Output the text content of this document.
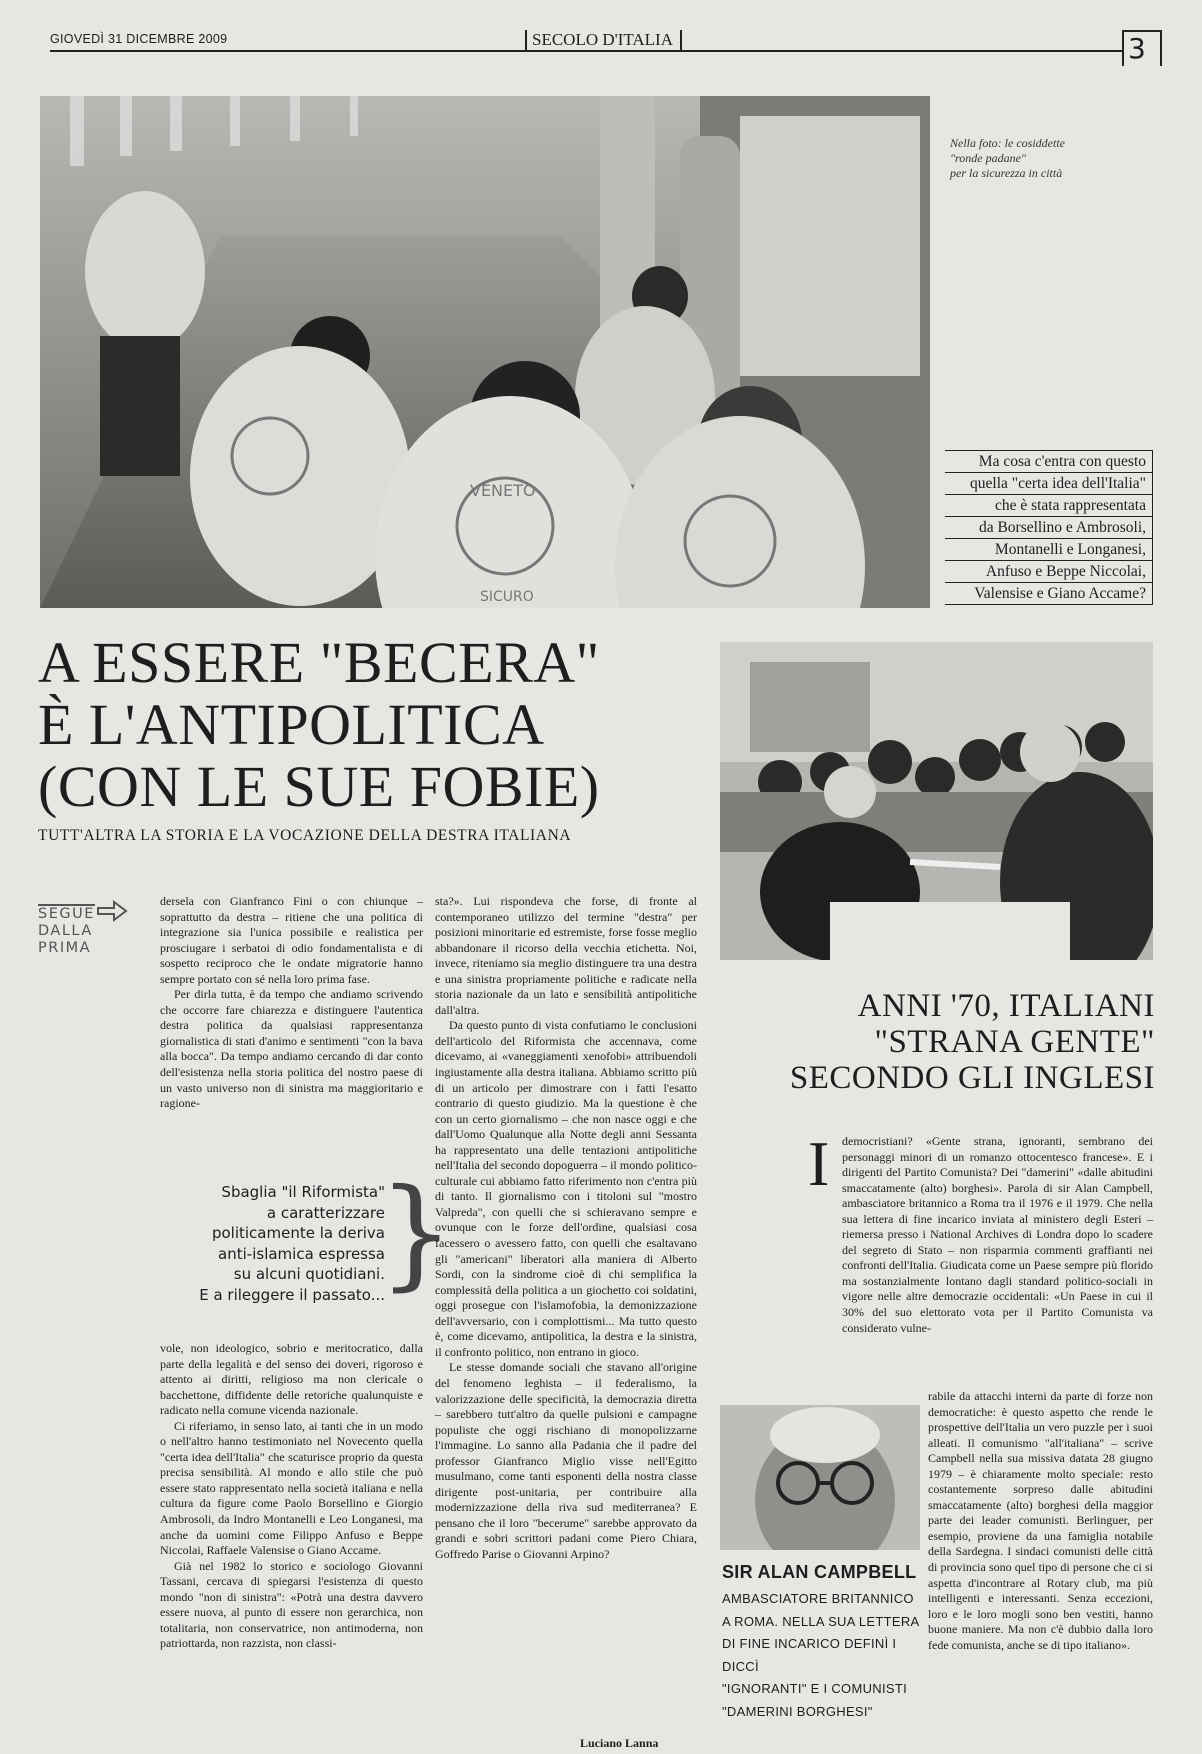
GIOVEDÌ 31 DICEMBRE 2009	SECOLO D'ITALIA	3
VENETO
SICURO
Nella foto: le cosiddette
"ronde padane"
per la sicurezza in città
Ma cosa c'entra con questo
quella "certa idea dell'Italia"
che è stata rappresentata
da Borsellino e Ambrosoli,
Montanelli e Longanesi,
Anfuso e Beppe Niccolai,
Valensise e Giano Accame?
A ESSERE "BECERA"
È L'ANTIPOLITICA
(CON LE SUE FOBIE)
TUTT'ALTRA LA STORIA E LA VOCAZIONE DELLA DESTRA ITALIANA
SEGUE
DALLA
PRIMA

dersela con Gianfranco Fini o con chiunque – soprattutto da destra – ritiene che una politica di integrazione sia l'unica possibile e realistica per prosciugare i serbatoi di odio fondamentalista e di sospetto reciproco che le ondate migratorie hanno sempre portato con sé nella loro prima fase.

Per dirla tutta, è da tempo che andiamo scrivendo che occorre fare chiarezza e distinguere l'autentica destra politica da qualsiasi rappresentanza giornalistica di stati d'animo e sentimenti "con la bava alla bocca". Da tempo andiamo cercando di dar conto dell'esistenza nella storia politica del nostro paese di un vasto universo non di sinistra ma maggioritario e ragione-

Sbaglia "il Riformista"
a caratterizzare
politicamente la deriva
anti-islamica espressa
su alcuni quotidiani.
E a rileggere il passato...
}

vole, non ideologico, sobrio e meritocratico, dalla parte della legalità e del senso dei doveri, rigoroso e attento ai diritti, religioso ma non clericale o bacchettone, diffidente delle retoriche qualunquiste e radicato nella comune vicenda nazionale.

Ci riferiamo, in senso lato, ai tanti che in un modo o nell'altro hanno testimoniato nel Novecento quella "certa idea dell'Italia" che scaturisce proprio da questa precisa sensibilità. Al mondo e allo stile che può essere stato rappresentato nella società italiana e nella cultura da figure come Paolo Borsellino e Giorgio Ambrosoli, da Indro Montanelli e Leo Longanesi, ma anche da uomini come Filippo Anfuso e Beppe Niccolai, Raffaele Valensise o Giano Accame.

Già nel 1982 lo storico e sociologo Giovanni Tassani, cercava di spiegarsi l'esistenza di questo mondo "non di sinistra": «Potrà una destra davvero essere nuova, al punto di essere non gerarchica, non totalitaria, non conservatrice, non antimoderna, non patriottarda, non razzista, non classi-

sta?». Lui rispondeva che forse, di fronte al contemporaneo utilizzo del termine "destra" per posizioni minoritarie ed estremiste, forse fosse meglio abbandonare il ricorso della vecchia etichetta. Noi, invece, riteniamo sia meglio distinguere tra una destra e una sinistra propriamente politiche e radicate nella storia nazionale da un lato e sensibilità antipolitiche dall'altra.

Da questo punto di vista confutiamo le conclusioni dell'articolo del Riformista che accennava, come dicevamo, ai «vaneggiamenti xenofobi» attribuendoli ingiustamente alla destra italiana. Abbiamo scritto più di un articolo per dimostrare con i fatti l'esatto contrario di questo giudizio. Ma la questione è che con un certo giornalismo – che non nasce oggi e che dall'Uomo Qualunque alla Notte degli anni Sessanta ha rappresentato una delle tentazioni antipolitiche nell'Italia del secondo dopoguerra – il mondo politico-culturale cui abbiamo fatto riferimento non c'entra più di tanto. Il giornalismo con i titoloni sul "mostro Valpreda", con quelli che si schieravano sempre e ovunque con le forze dell'ordine, qualsiasi cosa facessero o avessero fatto, con quelli che esaltavano gli "americani" liberatori alla maniera di Alberto Sordi, con la sindrome cioè di chi semplifica la complessità della politica a un giochetto coi soldatini, oggi prosegue con l'islamofobia, la demonizzazione dell'avversario, con i complottismi... Ma tutto questo è, come dicevamo, antipolitica, la destra e la sinistra, il confronto politico, non entrano in gioco.

Le stesse domande sociali che stavano all'origine del fenomeno leghista – il federalismo, la valorizzazione delle specificità, la democrazia diretta – sarebbero tutt'altro da quelle pulsioni e campagne populiste che oggi rischiano di monopolizzarne l'immagine. Lo sanno alla Padania che il padre del professor Gianfranco Miglio visse nell'Egitto musulmano, come tanti esponenti della nostra classe dirigente post-unitaria, per contribuire alla modernizzazione della riva sud mediterranea? E pensano che il loro "becerume" sarebbe approvato da grandi e sobri scrittori padani come Piero Chiara, Goffredo Parise o Giovanni Arpino?

Luciano Lanna
ANNI '70, ITALIANI
"STRANA GENTE"
SECONDO GLI INGLESI
I	democristiani? «Gente strana, ignoranti, sembrano dei personaggi minori di un romanzo ottocentesco francese». E i dirigenti del Partito Comunista? Dei "damerini" «dalle abitudini smaccatamente (alto) borghesi». Parola di sir Alan Campbell, ambasciatore britannico a Roma tra il 1976 e il 1979. Che nella sua lettera di fine incarico inviata al ministero degli Esteri – riemersa presso i National Archives di Londra dopo lo scadere del segreto di Stato – non risparmia commenti graffianti nei confronti dell'Italia. Giudicata come un Paese sempre più florido ma sostanzialmente lontano dagli standard politico-sociali in vigore nelle altre democrazie occidentali: «Un Paese in cui il 30% del suo elettorato vota per il Partito Comunista va considerato vulne-

rabile da attacchi interni da parte di forze non democratiche: è questo aspetto che rende le prospettive dell'Italia un vero puzzle per i suoi alleati. Il comunismo "all'italiana" – scrive Campbell nella sua missiva datata 28 giugno 1979 – è chiaramente molto speciale: resto costantemente sorpreso dalle abitudini smaccatamente (alto) borghesi della maggior parte dei leader comunisti. Berlinguer, per esempio, proviene da una famiglia notabile della Sardegna. I sindaci comunisti delle città di provincia sono quel tipo di persone che ci si aspetta d'incontrare al Rotary club, ma più intelligenti e interessanti. Senza eccezioni, loro e le loro mogli sono ben vestiti, hanno buone maniere. Ma non c'è dubbio dalla loro fede comunista, anche se di tipo italiano».

SIR ALAN CAMPBELL
AMBASCIATORE BRITANNICO
A ROMA. NELLA SUA LETTERA
DI FINE INCARICO DEFINÌ I DICCÌ
"IGNORANTI" E I COMUNISTI
"DAMERINI BORGHESI"
